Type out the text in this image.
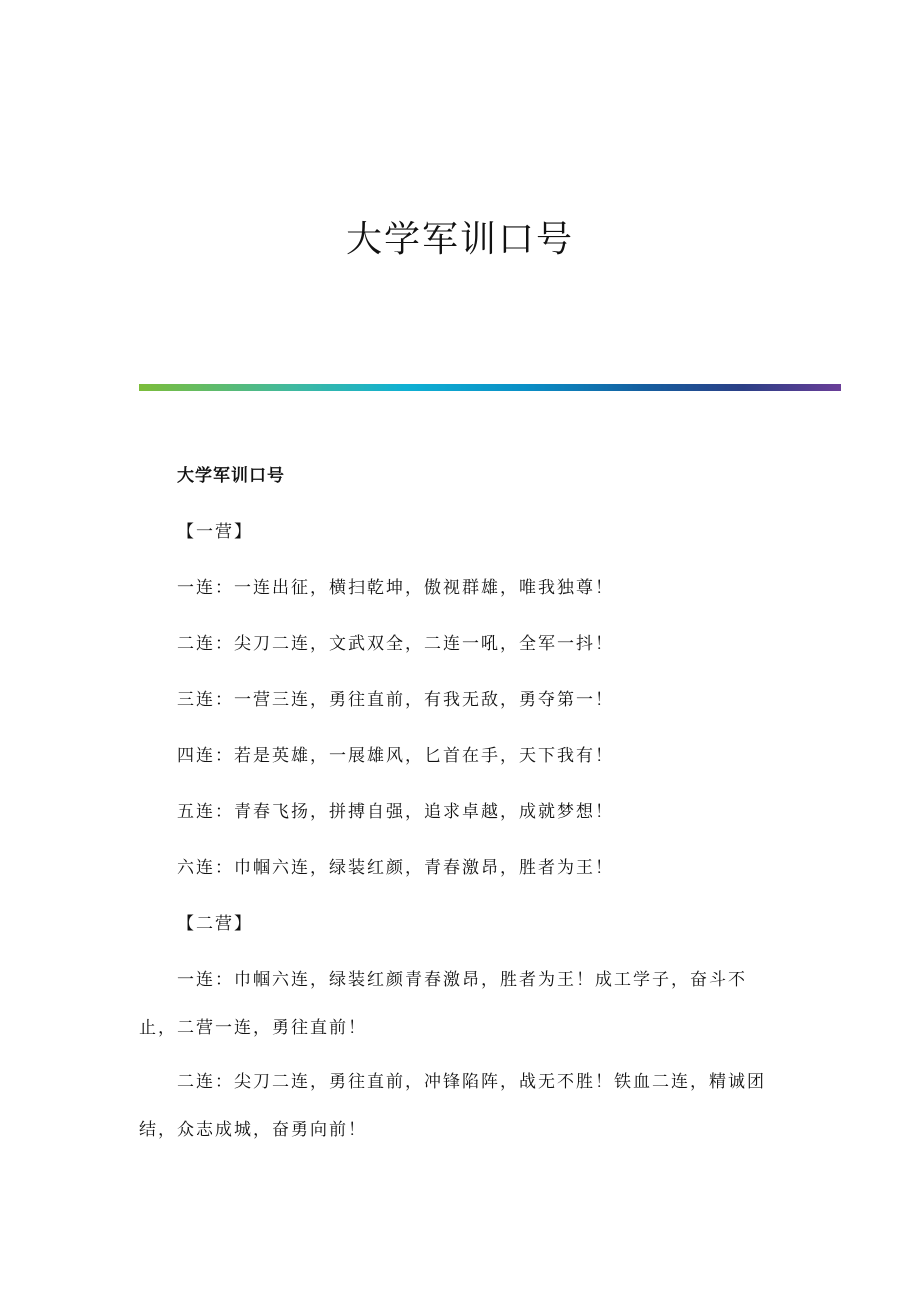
大学军训口号

大学军训口号

【一营】

一连：一连出征，横扫乾坤，傲视群雄，唯我独尊！

二连：尖刀二连，文武双全，二连一吼，全军一抖！

三连：一营三连，勇往直前，有我无敌，勇夺第一！

四连：若是英雄，一展雄风，匕首在手，天下我有！

五连：青春飞扬，拼搏自强，追求卓越，成就梦想！

六连：巾帼六连，绿装红颜，青春激昂，胜者为王！

【二营】

一连：巾帼六连，绿装红颜青春激昂，胜者为王！成工学子，奋斗不止，二营一连，勇往直前！

二连：尖刀二连，勇往直前，冲锋陷阵，战无不胜！铁血二连，精诚团结，众志成城，奋勇向前！
